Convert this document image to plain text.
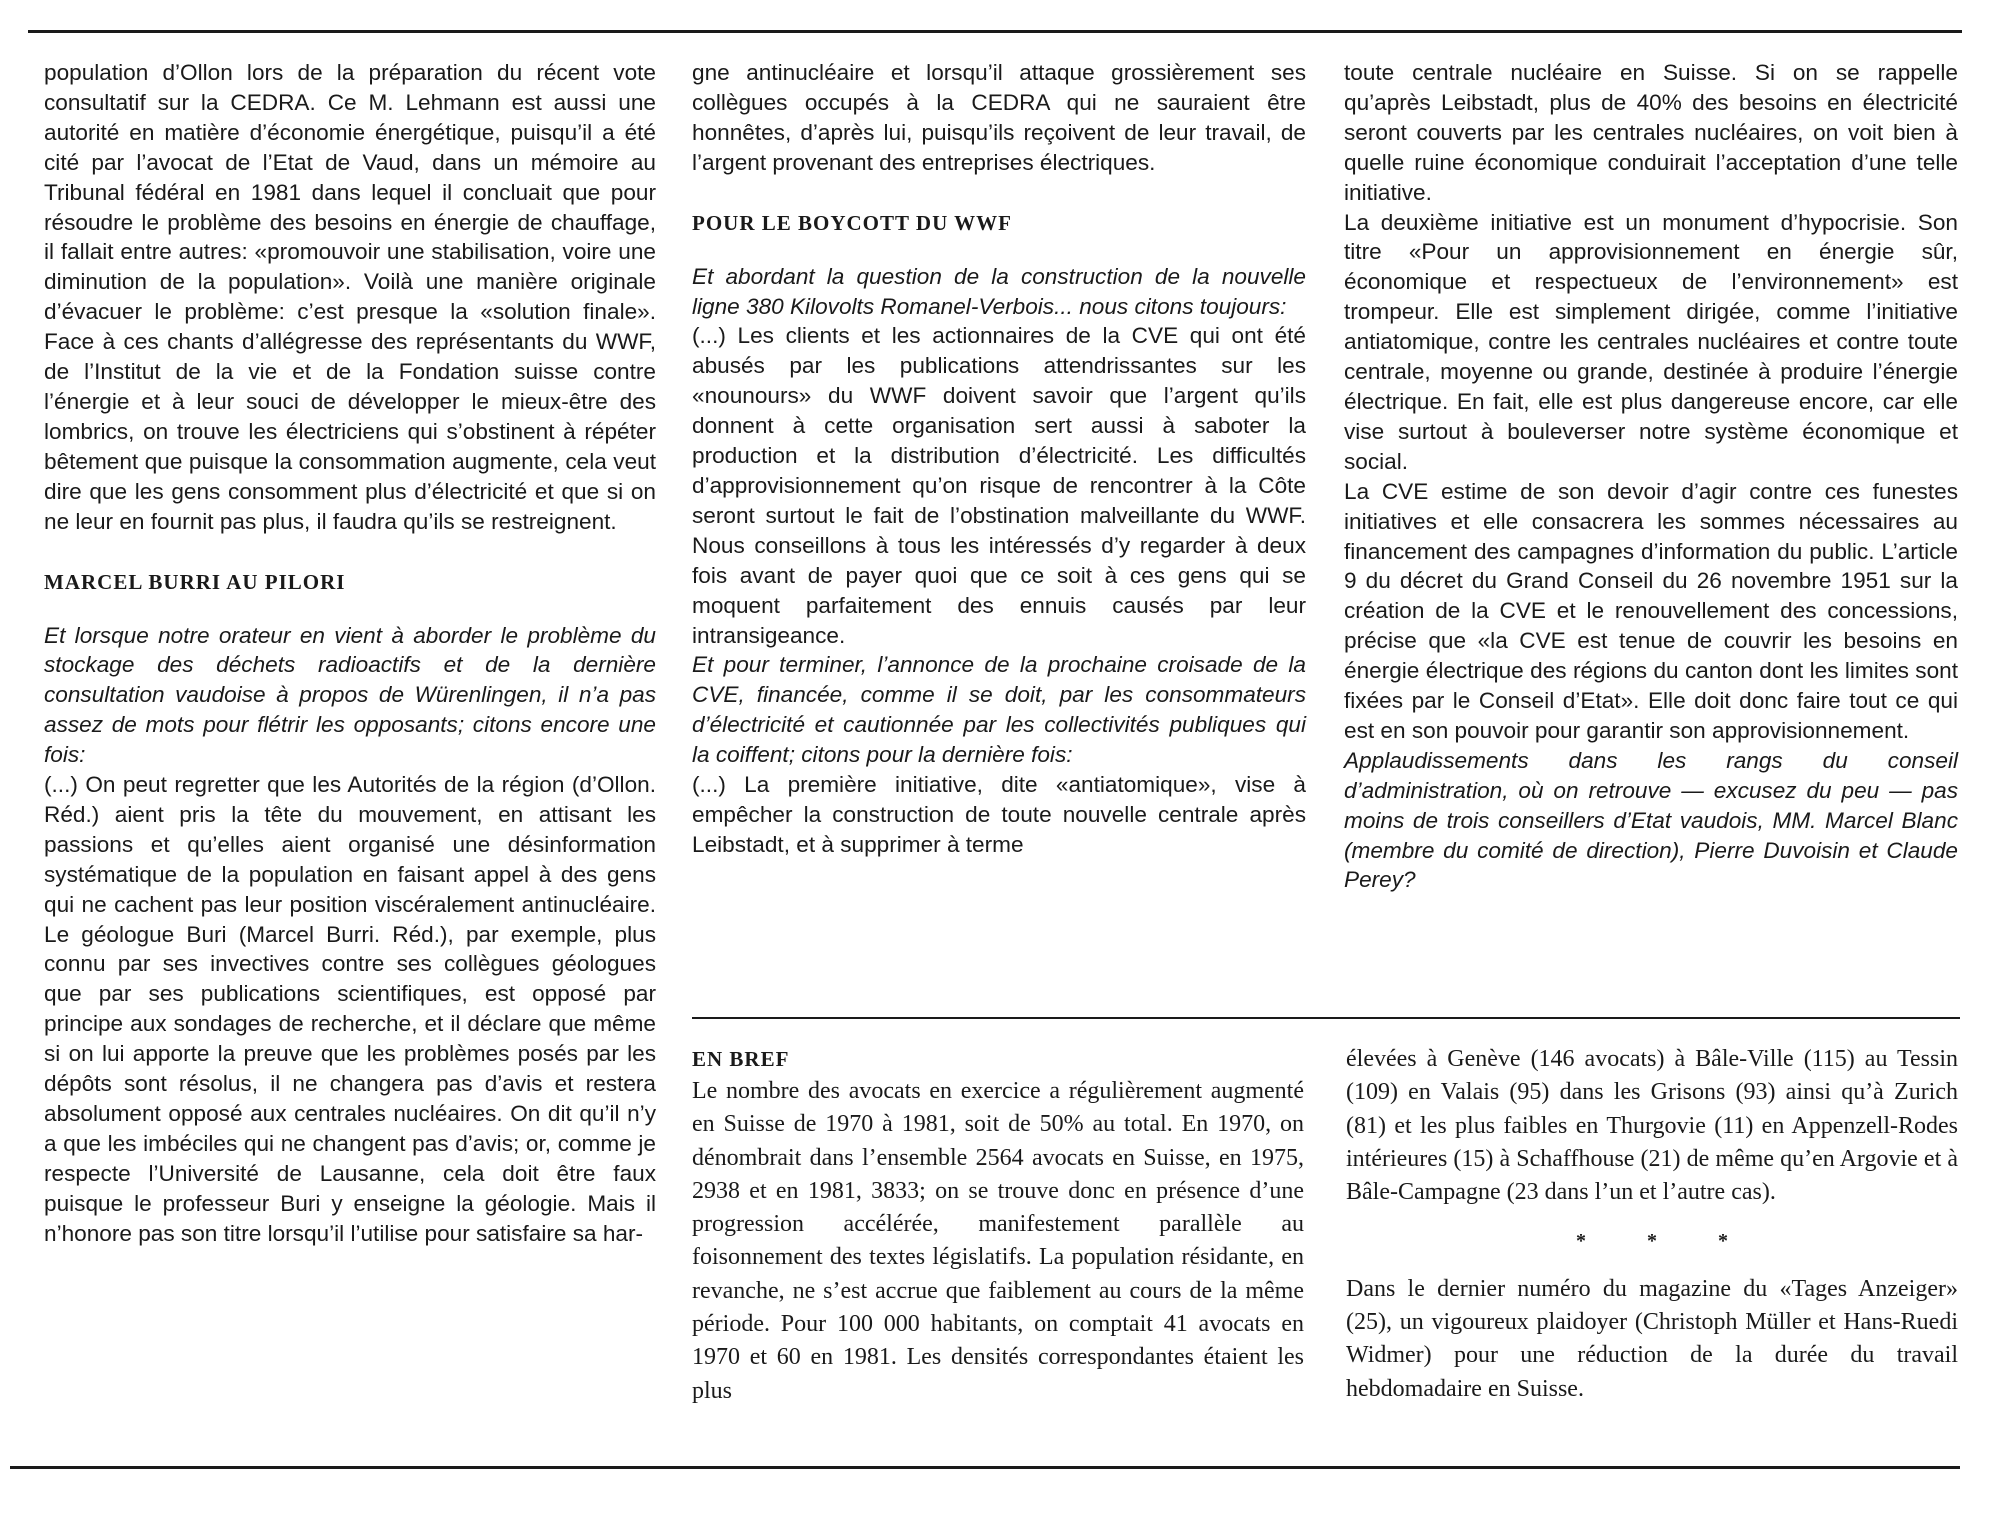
population d’Ollon lors de la préparation du récent vote consultatif sur la CEDRA. Ce M. Lehmann est aussi une autorité en matière d’économie énergétique, puisqu’il a été cité par l’avocat de l’Etat de Vaud, dans un mémoire au Tribunal fédéral en 1981 dans lequel il concluait que pour résoudre le problème des besoins en énergie de chauffage, il fallait entre autres: «promouvoir une stabilisation, voire une diminution de la population». Voilà une manière originale d’évacuer le problème: c’est presque la «solution finale». Face à ces chants d’allégresse des représentants du WWF, de l’Institut de la vie et de la Fondation suisse contre l’énergie et à leur souci de développer le mieux-être des lombrics, on trouve les électriciens qui s’obstinent à répéter bêtement que puisque la consommation augmente, cela veut dire que les gens consomment plus d’électricité et que si on ne leur en fournit pas plus, il faudra qu’ils se restreignent.

MARCEL BURRI AU PILORI

Et lorsque notre orateur en vient à aborder le problème du stockage des déchets radioactifs et de la dernière consultation vaudoise à propos de Würenlingen, il n’a pas assez de mots pour flétrir les opposants; citons encore une fois:

(...) On peut regretter que les Autorités de la région (d’Ollon. Réd.) aient pris la tête du mouvement, en attisant les passions et qu’elles aient organisé une désinformation systématique de la population en faisant appel à des gens qui ne cachent pas leur position viscéralement antinucléaire. Le géologue Buri (Marcel Burri. Réd.), par exemple, plus connu par ses invectives contre ses collègues géologues que par ses publications scientifiques, est opposé par principe aux sondages de recherche, et il déclare que même si on lui apporte la preuve que les problèmes posés par les dépôts sont résolus, il ne changera pas d’avis et restera absolument opposé aux centrales nucléaires. On dit qu’il n’y a que les imbéciles qui ne changent pas d’avis; or, comme je respecte l’Université de Lausanne, cela doit être faux puisque le professeur Buri y enseigne la géologie. Mais il n’honore pas son titre lorsqu’il l’utilise pour satisfaire sa har-

gne antinucléaire et lorsqu’il attaque grossièrement ses collègues occupés à la CEDRA qui ne sauraient être honnêtes, d’après lui, puisqu’ils reçoivent de leur travail, de l’argent provenant des entreprises électriques.

POUR LE BOYCOTT DU WWF

Et abordant la question de la construction de la nouvelle ligne 380 Kilovolts Romanel-Verbois... nous citons toujours:

(...) Les clients et les actionnaires de la CVE qui ont été abusés par les publications attendrissantes sur les «nounours» du WWF doivent savoir que l’argent qu’ils donnent à cette organisation sert aussi à saboter la production et la distribution d’électricité. Les difficultés d’approvisionnement qu’on risque de rencontrer à la Côte seront surtout le fait de l’obstination malveillante du WWF. Nous conseillons à tous les intéressés d’y regarder à deux fois avant de payer quoi que ce soit à ces gens qui se moquent parfaitement des ennuis causés par leur intransigeance.

Et pour terminer, l’annonce de la prochaine croisade de la CVE, financée, comme il se doit, par les consommateurs d’électricité et cautionnée par les collectivités publiques qui la coiffent; citons pour la dernière fois:

(...) La première initiative, dite «antiatomique», vise à empêcher la construction de toute nouvelle centrale après Leibstadt, et à supprimer à terme

toute centrale nucléaire en Suisse. Si on se rappelle qu’après Leibstadt, plus de 40% des besoins en électricité seront couverts par les centrales nucléaires, on voit bien à quelle ruine économique conduirait l’acceptation d’une telle initiative.

La deuxième initiative est un monument d’hypocrisie. Son titre «Pour un approvisionnement en énergie sûr, économique et respectueux de l’environnement» est trompeur. Elle est simplement dirigée, comme l’initiative antiatomique, contre les centrales nucléaires et contre toute centrale, moyenne ou grande, destinée à produire l’énergie électrique. En fait, elle est plus dangereuse encore, car elle vise surtout à bouleverser notre système économique et social.

La CVE estime de son devoir d’agir contre ces funestes initiatives et elle consacrera les sommes nécessaires au financement des campagnes d’information du public. L’article 9 du décret du Grand Conseil du 26 novembre 1951 sur la création de la CVE et le renouvellement des concessions, précise que «la CVE est tenue de couvrir les besoins en énergie électrique des régions du canton dont les limites sont fixées par le Conseil d’Etat». Elle doit donc faire tout ce qui est en son pouvoir pour garantir son approvisionnement.

Applaudissements dans les rangs du conseil d’administration, où on retrouve — excusez du peu — pas moins de trois conseillers d’Etat vaudois, MM. Marcel Blanc (membre du comité de direction), Pierre Duvoisin et Claude Perey?

EN BREF

Le nombre des avocats en exercice a régulièrement augmenté en Suisse de 1970 à 1981, soit de 50% au total. En 1970, on dénombrait dans l’ensemble 2564 avocats en Suisse, en 1975, 2938 et en 1981, 3833; on se trouve donc en présence d’une progression accélérée, manifestement parallèle au foisonnement des textes législatifs. La population résidante, en revanche, ne s’est accrue que faiblement au cours de la même période. Pour 100 000 habitants, on comptait 41 avocats en 1970 et 60 en 1981. Les densités correspondantes étaient les plus

élevées à Genève (146 avocats) à Bâle-Ville (115) au Tessin (109) en Valais (95) dans les Grisons (93) ainsi qu’à Zurich (81) et les plus faibles en Thurgovie (11) en Appenzell-Rodes intérieures (15) à Schaffhouse (21) de même qu’en Argovie et à Bâle-Campagne (23 dans l’un et l’autre cas).

* * *

Dans le dernier numéro du magazine du «Tages Anzeiger» (25), un vigoureux plaidoyer (Christoph Müller et Hans-Ruedi Widmer) pour une réduction de la durée du travail hebdomadaire en Suisse.
